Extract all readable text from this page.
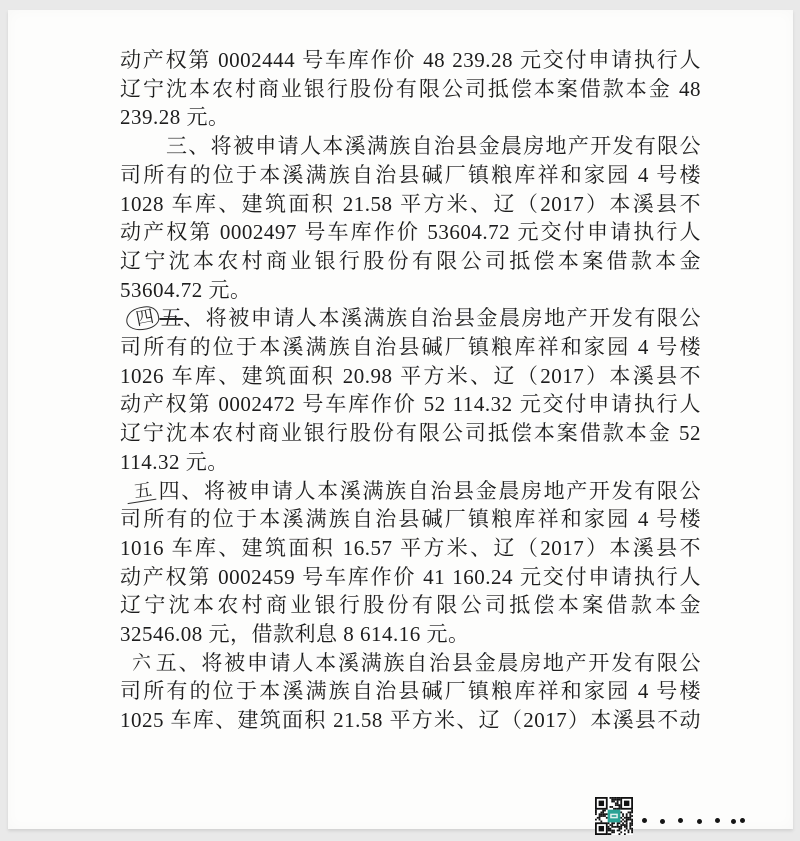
动产权第 0002444 号车库作价 48 239.28 元交付申请执行人
辽宁沈本农村商业银行股份有限公司抵偿本案借款本金 48
239.28 元。
三、将被申请人本溪满族自治县金晨房地产开发有限公
司所有的位于本溪满族自治县碱厂镇粮库祥和家园 4 号楼
1028 车库、建筑面积 21.58 平方米、辽（2017）本溪县不
动产权第 0002497 号车库作价 53604.72 元交付申请执行人
辽宁沈本农村商业银行股份有限公司抵偿本案借款本金
53604.72 元。
四 五、将被申请人本溪满族自治县金晨房地产开发有限公
司所有的位于本溪满族自治县碱厂镇粮库祥和家园 4 号楼
1026 车库、建筑面积 20.98 平方米、辽（2017）本溪县不
动产权第 0002472 号车库作价 52 114.32 元交付申请执行人
辽宁沈本农村商业银行股份有限公司抵偿本案借款本金 52
114.32 元。
五 四、将被申请人本溪满族自治县金晨房地产开发有限公
司所有的位于本溪满族自治县碱厂镇粮库祥和家园 4 号楼
1016 车库、建筑面积 16.57 平方米、辽（2017）本溪县不
动产权第 0002459 号车库作价 41 160.24 元交付申请执行人
辽宁沈本农村商业银行股份有限公司抵偿本案借款本金
32546.08 元，借款利息 8 614.16 元。
六 五、将被申请人本溪满族自治县金晨房地产开发有限公
司所有的位于本溪满族自治县碱厂镇粮库祥和家园 4 号楼
1025 车库、建筑面积 21.58 平方米、辽（2017）本溪县不动
